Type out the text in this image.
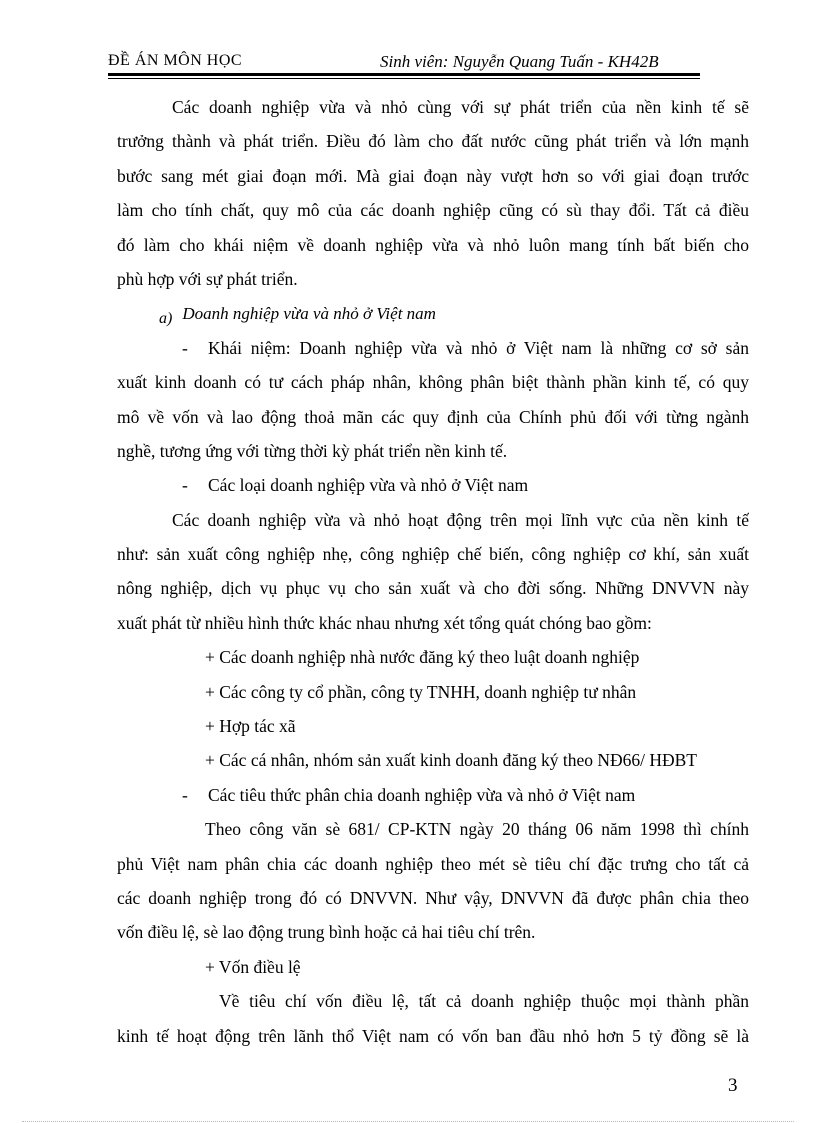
ĐỀ ÁN MÔN HỌC	Sinh viên: Nguyễn Quang Tuấn - KH42B
Các doanh nghiệp vừa và nhỏ cùng với sự phát triển của nền kinh tế sẽ
trưởng thành và phát triển. Điều đó làm cho đất nước cũng phát triển và lớn mạnh
bước sang mét giai đoạn mới. Mà giai đoạn này vượt hơn so với giai đoạn trước
làm cho tính chất, quy mô của các doanh nghiệp cũng có sù thay đổi. Tất cả điều
đó làm cho khái niệm về doanh nghiệp vừa và nhỏ luôn mang tính bất biến cho
phù hợp với sự phát triển.
a) Doanh nghiệp vừa và nhỏ ở Việt nam
- Khái niệm: Doanh nghiệp vừa và nhỏ ở Việt nam là những cơ sở sản
xuất kinh doanh có tư cách pháp nhân, không phân biệt thành phần kinh tế, có quy
mô về vốn và lao động thoả mãn các quy định của Chính phủ đối với từng ngành
nghề, tương ứng với từng thời kỳ phát triển nền kinh tế.
- Các loại doanh nghiệp vừa và nhỏ ở Việt nam
Các doanh nghiệp vừa và nhỏ hoạt động trên mọi lĩnh vực của nền kinh tế
như: sản xuất công nghiệp nhẹ, công nghiệp chế biến, công nghiệp cơ khí, sản xuất
nông nghiệp, dịch vụ phục vụ cho sản xuất và cho đời sống. Những DNVVN này
xuất phát từ nhiều hình thức khác nhau nhưng xét tổng quát chóng bao gồm:
+ Các doanh nghiệp nhà nước đăng ký theo luật doanh nghiệp
+ Các công ty cổ phần, công ty TNHH, doanh nghiệp tư nhân
+ Hợp tác xã
+ Các cá nhân, nhóm sản xuất kinh doanh đăng ký theo NĐ66/ HĐBT
- Các tiêu thức phân chia doanh nghiệp vừa và nhỏ ở Việt nam
Theo công văn sè 681/ CP-KTN ngày 20 tháng 06 năm 1998 thì chính
phủ Việt nam phân chia các doanh nghiệp theo mét sè tiêu chí đặc trưng cho tất cả
các doanh nghiệp trong đó có DNVVN. Như vậy, DNVVN đã được phân chia theo
vốn điều lệ, sè lao động trung bình hoặc cả hai tiêu chí trên.
+ Vốn điều lệ
Về tiêu chí vốn điều lệ, tất cả doanh nghiệp thuộc mọi thành phần
kinh tế hoạt động trên lãnh thổ Việt nam có vốn ban đầu nhỏ hơn 5 tỷ đồng sẽ là
3
